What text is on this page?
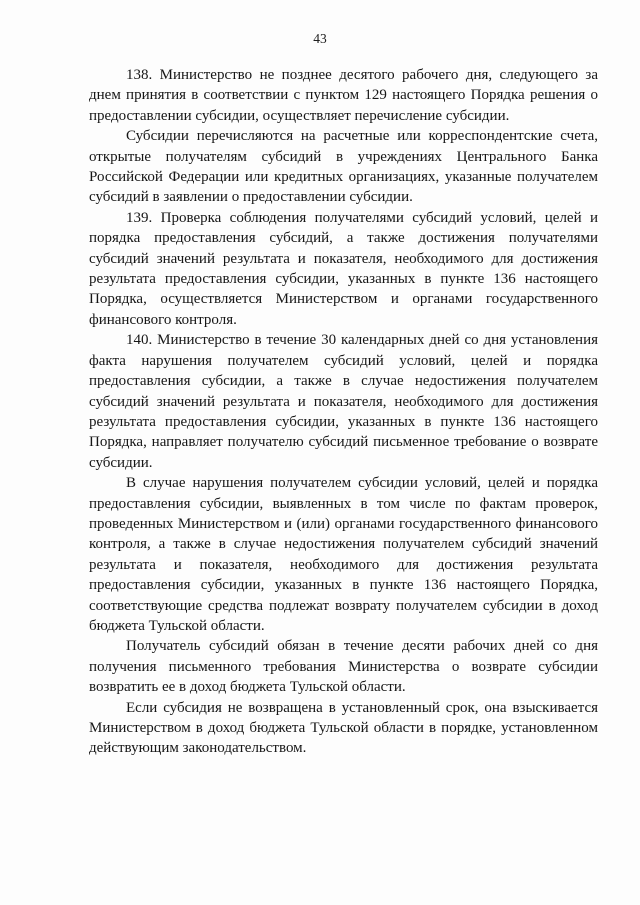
43

138. Министерство не позднее десятого рабочего дня, следующего за днем принятия в соответствии с пунктом 129 настоящего Порядка решения о предоставлении субсидии, осуществляет перечисление субсидии.

Субсидии перечисляются на расчетные или корреспондентские счета, открытые получателям субсидий в учреждениях Центрального Банка Российской Федерации или кредитных организациях, указанные получателем субсидий в заявлении о предоставлении субсидии.

139. Проверка соблюдения получателями субсидий условий, целей и порядка предоставления субсидий, а также достижения получателями субсидий значений результата и показателя, необходимого для достижения результата предоставления субсидии, указанных в пункте 136 настоящего Порядка, осуществляется Министерством и органами государственного финансового контроля.

140. Министерство в течение 30 календарных дней со дня установления факта нарушения получателем субсидий условий, целей и порядка предоставления субсидии, а также в случае недостижения получателем субсидий значений результата и показателя, необходимого для достижения результата предоставления субсидии, указанных в пункте 136 настоящего Порядка, направляет получателю субсидий письменное требование о возврате субсидии.

В случае нарушения получателем субсидии условий, целей и порядка предоставления субсидии, выявленных в том числе по фактам проверок, проведенных Министерством и (или) органами государственного финансового контроля, а также в случае недостижения получателем субсидий значений результата и показателя, необходимого для достижения результата предоставления субсидии, указанных в пункте 136 настоящего Порядка, соответствующие средства подлежат возврату получателем субсидии в доход бюджета Тульской области.

Получатель субсидий обязан в течение десяти рабочих дней со дня получения письменного требования Министерства о возврате субсидии возвратить ее в доход бюджета Тульской области.

Если субсидия не возвращена в установленный срок, она взыскивается Министерством в доход бюджета Тульской области в порядке, установленном действующим законодательством.
